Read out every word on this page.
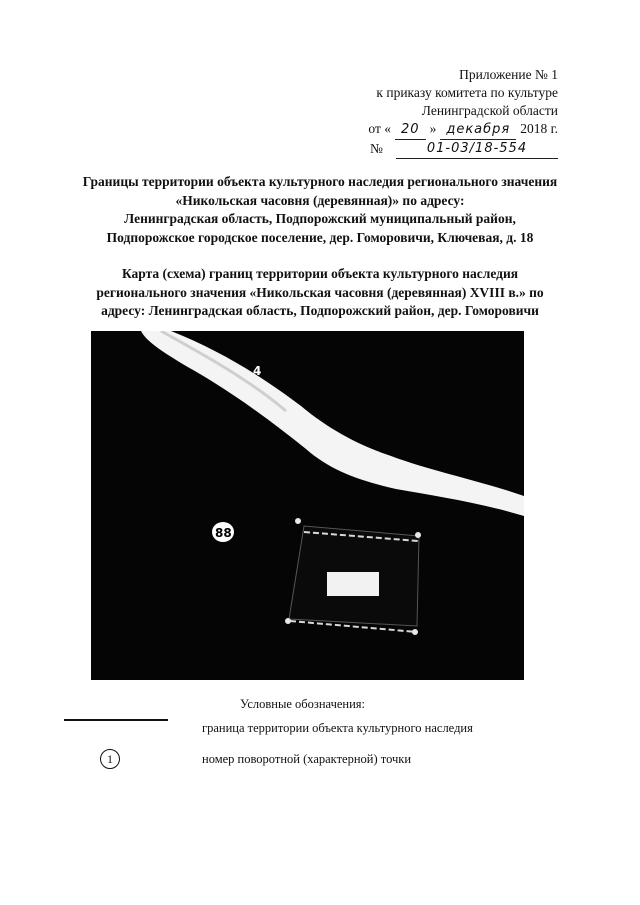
Приложение № 1
к приказу комитета по культуре
Ленинградской области
от « 20 » декабря 2018 г.
№	01-03/18-554
Границы территории объекта культурного наследия регионального значения
«Никольская часовня (деревянная)» по адресу:
Ленинградская область, Подпорожский муниципальный район,
Подпорожское городское поселение, дер. Гоморовичи, Ключевая, д. 18
Карта (схема) границ территории объекта культурного наследия
регионального значения «Никольская часовня (деревянная) XVIII в.» по
адресу: Ленинградская область, Подпорожский район, дер. Гоморовичи
4
88
Условные обозначения:
граница территории объекта культурного наследия
1	номер поворотной (характерной) точки
